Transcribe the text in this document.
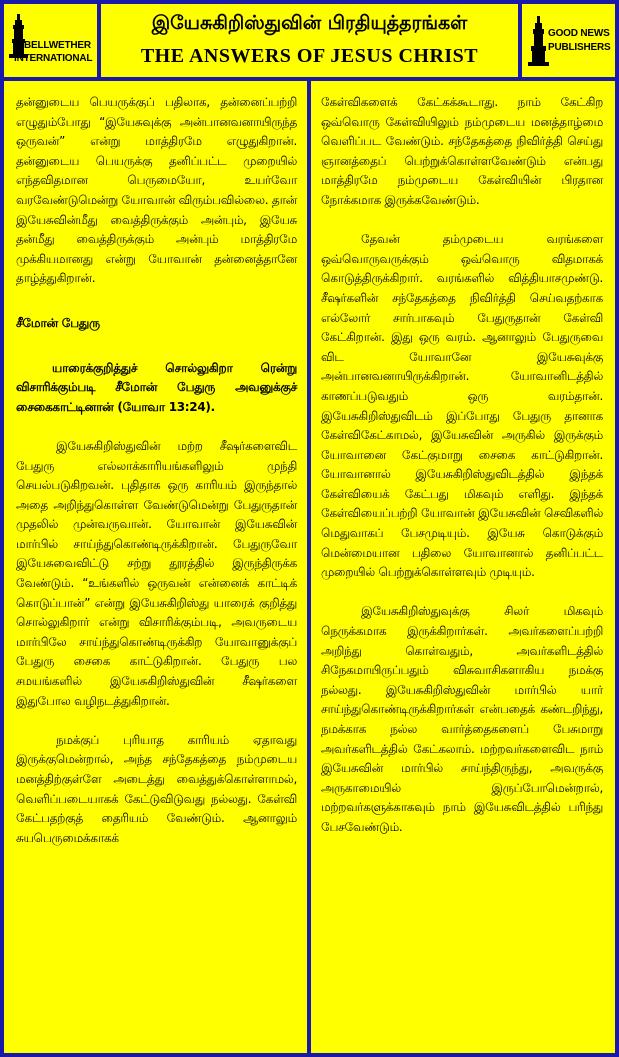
BELLWETHER
INTERNATIONAL
இயேசுகிறிஸ்துவின் பிரதியுத்தரங்கள்
THE ANSWERS OF JESUS CHRIST
GOOD NEWS
PUBLISHERS

தன்னுடைய பெயருக்குப் பதிலாக, தன்னைப்பற்றி எழுதும்போது “இயேசுவுக்கு அன்பானவனாயிருந்த ஒருவன்” என்று மாத்திரமே எழுதுகிறான். தன்னுடைய பெயருக்கு தனிப்பட்ட முறையில் எந்தவிதமான பெருமையோ, உயர்வோ வரவேண்டுமென்று யோவான் விரும்பவில்லை. தான் இயேசுவின்மீது வைத்திருக்கும் அன்பும், இயேசு தன்மீது வைத்திருக்கும் அன்பும் மாத்திரமே முக்கியமானது என்று யோவான் தன்னைத்தானே தாழ்த்துகிறான்.

சீமோன் பேதுரு

யாரைக்குறித்துச் சொல்லுகிறா ரென்று விசாரிக்கும்படி சீமோன் பேதுரு அவனுக்குச் சைகைகாட்டினான் (யோவா 13:24).

இயேசுகிறிஸ்துவின் மற்ற சீஷர்களைவிட பேதுரு எல்லாக்காரியங்களிலும் முந்தி செயல்படுகிறவன். புதிதாக ஒரு காரியம் இருந்தால் அதை அறிந்துகொள்ள வேண்டுமென்று பேதுருதான் முதலில் முன்வருவான். யோவான் இயேசுவின் மார்பில் சாய்ந்துகொண்டிருக்கிறான். பேதுருவோ இயேசுவைவிட்டு சற்று தூரத்தில் இருந்திருக்க வேண்டும். “உங்களில் ஒருவன் என்னைக் காட்டிக் கொடுப்பான்” என்று இயேசுகிறிஸ்து யாரைக் குறித்து சொல்லுகிறார் என்று விசாரிக்கும்படி, அவருடைய மார்பிலே சாய்ந்துகொண்டிருக்கிற யோவானுக்குப் பேதுரு சைகை காட்டுகிறான். பேதுரு பல சமயங்களில் இயேசுகிறிஸ்துவின் சீஷர்களை இதுபோல வழிநடத்துகிறான்.

நமக்குப் புரியாத காரியம் ஏதாவது இருக்குமென்றால், அந்த சந்தேகத்தை நம்முடைய மனத்திற்குள்ளே அடைத்து வைத்துக்கொள்ளாமல், வெளிப்படையாகக் கேட்டுவிடுவது நல்லது. கேள்வி கேட்பதற்குத் தைரியம் வேண்டும். ஆனாலும் சுயபெருமைக்காகக்

கேள்விகளைக் கேட்கக்கூடாது. நாம் கேட்கிற ஒவ்வொரு கேள்வியிலும் நம்முடைய மனத்தாழ்மை வெளிப்பட வேண்டும். சந்தேகத்தை நிவிர்த்தி செய்து ஞானத்தைப் பெற்றுக்கொள்ளவேண்டும் என்பது மாத்திரமே நம்முடைய கேள்வியின் பிரதான நோக்கமாக இருக்கவேண்டும்.

தேவன் தம்முடைய வரங்களை ஒவ்வொருவருக்கும் ஒவ்வொரு விதமாகக் கொடுத்திருக்கிறார். வரங்களில் வித்தியாசமுண்டு. சீஷர்களின் சந்தேகத்தை நிவிர்த்தி செய்வதற்காக எல்லோர் சார்பாகவும் பேதுருதான் கேள்வி கேட்கிறான். இது ஒரு வரம். ஆனாலும் பேதுருவை விட யோவானே இயேசுவுக்கு அன்பானவனாயிருக்கிறான். யோவானிடத்தில் காணப்படுவதும் ஒரு வரம்தான். இயேசுகிறிஸ்துவிடம் இப்போது பேதுரு தானாக கேள்விகேட்காமல், இயேசுவின் அருகில் இருக்கும் யோவானை கேட்குமாறு சைகை காட்டுகிறான். யோவானால் இயேசுகிறிஸ்துவிடத்தில் இந்தக் கேள்வியைக் கேட்பது மிகவும் எளிது. இந்தக் கேள்வியைப்பற்றி யோவான் இயேசுவின் செவிகளில் மெதுவாகப் பேசமுடியும். இயேசு கொடுக்கும் மென்மையான பதிலை யோவானால் தனிப்பட்ட முறையில் பெற்றுக்கொள்ளவும் முடியும்.

இயேசுகிறிஸ்துவுக்கு சிலர் மிகவும் நெருக்கமாக இருக்கிறார்கள். அவர்களைப்பற்றி அறிந்து கொள்வதும், அவர்களிடத்தில் சிநேகமாயிருப்பதும் விசுவாசிகளாகிய நமக்கு நல்லது. இயேசுகிறிஸ்துவின் மார்பில் யார் சாய்ந்துகொண்டிருக்கிறார்கள் என்பதைக் கண்டறிந்து, நமக்காக நல்ல வார்த்தைகளைப் பேசுமாறு அவர்களிடத்தில் கேட்கலாம். மற்றவர்களைவிட நாம் இயேசுவின் மார்பில் சாய்ந்திருந்து, அவருக்கு அருகாமையில் இருப்போமென்றால், மற்றவர்களுக்காகவும் நாம் இயேசுவிடத்தில் பரிந்து பேசவேண்டும்.
